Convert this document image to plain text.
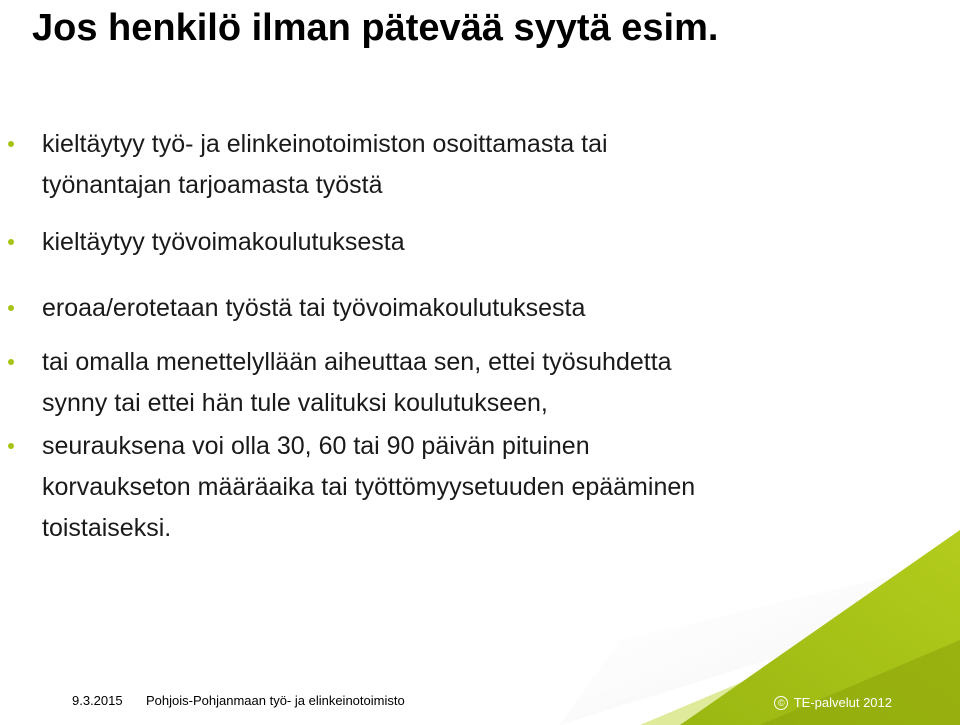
Jos henkilö ilman pätevää syytä esim.
kieltäytyy työ- ja elinkeinotoimiston osoittamasta tai
työnantajan tarjoamasta työstä
kieltäytyy työvoimakoulutuksesta
eroaa/erotetaan työstä tai työvoimakoulutuksesta
tai omalla menettelyllään aiheuttaa sen, ettei työsuhdetta
synny tai ettei hän tule valituksi koulutukseen,
seurauksena voi olla 30, 60 tai 90 päivän pituinen
korvaukseton määräaika tai työttömyysetuuden epääminen
toistaiseksi.
9.3.2015 Pohjois-Pohjanmaan työ- ja elinkeinotoimisto	© TE-palvelut 2012
